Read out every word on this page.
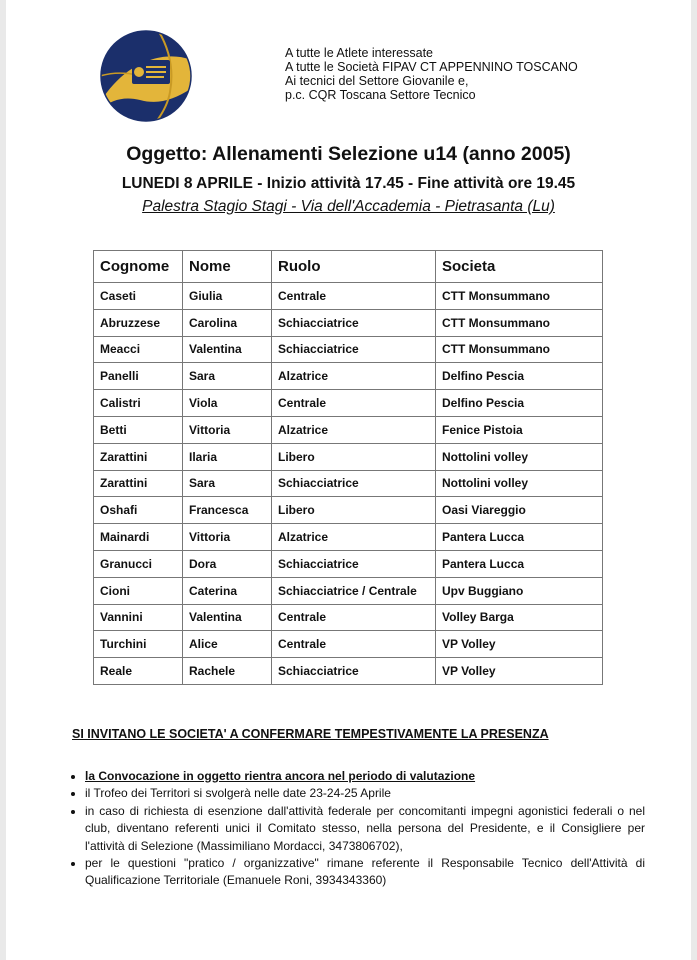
A tutte le Atlete interessate
A tutte le Società FIPAV CT APPENNINO TOSCANO
Ai tecnici del Settore Giovanile e,
p.c. CQR Toscana Settore Tecnico
Oggetto: Allenamenti Selezione u14 (anno 2005)
LUNEDI 8 APRILE - Inizio attività 17.45 - Fine attività ore 19.45
Palestra Stagio Stagi - Via dell'Accademia - Pietrasanta (Lu)
Cognome	Nome	Ruolo	Societa
Caseti	Giulia	Centrale	CTT Monsummano
Abruzzese	Carolina	Schiacciatrice	CTT Monsummano
Meacci	Valentina	Schiacciatrice	CTT Monsummano
Panelli	Sara	Alzatrice	Delfino Pescia
Calistri	Viola	Centrale	Delfino Pescia
Betti	Vittoria	Alzatrice	Fenice Pistoia
Zarattini	Ilaria	Libero	Nottolini volley
Zarattini	Sara	Schiacciatrice	Nottolini volley
Oshafi	Francesca	Libero	Oasi Viareggio
Mainardi	Vittoria	Alzatrice	Pantera Lucca
Granucci	Dora	Schiacciatrice	Pantera Lucca
Cioni	Caterina	Schiacciatrice / Centrale	Upv Buggiano
Vannini	Valentina	Centrale	Volley Barga
Turchini	Alice	Centrale	VP Volley
Reale	Rachele	Schiacciatrice	VP Volley
SI INVITANO LE SOCIETA' A CONFERMARE TEMPESTIVAMENTE LA PRESENZA
• la Convocazione in oggetto rientra ancora nel periodo di valutazione
• il Trofeo dei Territori si svolgerà nelle date 23-24-25 Aprile
• in caso di richiesta di esenzione dall'attività federale per concomitanti impegni agonistici federali o nel club, diventano referenti unici il Comitato stesso, nella persona del Presidente, e il Consigliere per l'attività di Selezione (Massimiliano Mordacci, 3473806702),
• per le questioni "pratico / organizzative" rimane referente il Responsabile Tecnico dell'Attività di Qualificazione Territoriale (Emanuele Roni, 3934343360)
